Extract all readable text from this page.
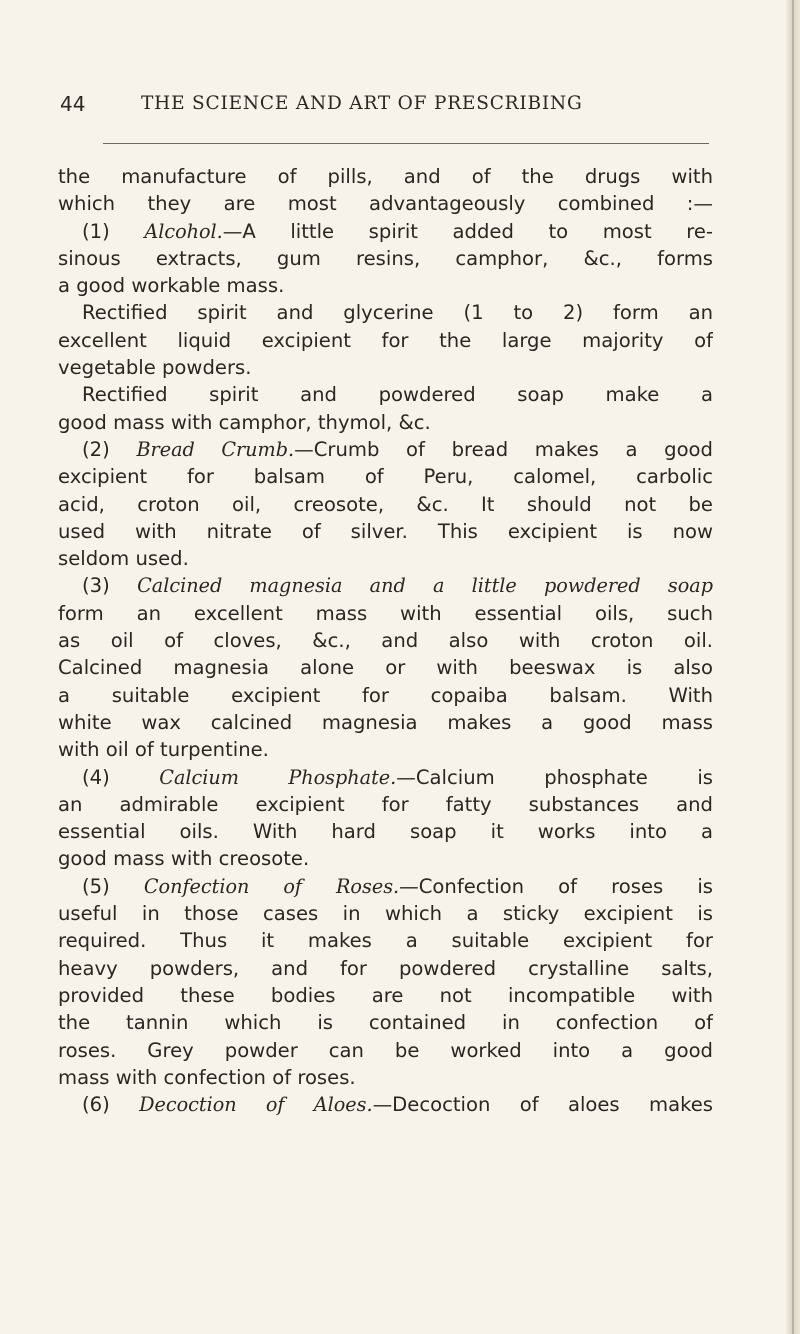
44	THE SCIENCE AND ART OF PRESCRIBING
the manufacture of pills, and of the drugs with
which they are most advantageously combined :—
(1) Alcohol.—A little spirit added to most re-
sinous extracts, gum resins, camphor, &c., forms
a good workable mass.
Rectified spirit and glycerine (1 to 2) form an
excellent liquid excipient for the large majority of
vegetable powders.
Rectified spirit and powdered soap make a
good mass with camphor, thymol, &c.
(2) Bread Crumb.—Crumb of bread makes a good
excipient for balsam of Peru, calomel, carbolic
acid, croton oil, creosote, &c. It should not be
used with nitrate of silver. This excipient is now
seldom used.
(3) Calcined magnesia and a little powdered soap
form an excellent mass with essential oils, such
as oil of cloves, &c., and also with croton oil.
Calcined magnesia alone or with beeswax is also
a suitable excipient for copaiba balsam. With
white wax calcined magnesia makes a good mass
with oil of turpentine.
(4)	Calcium Phosphate.—Calcium phosphate is
an admirable excipient for fatty substances and
essential oils. With hard soap it works into a
good mass with creosote.
(5) Confection of Roses.—Confection of roses is
useful in those cases in which a sticky excipient is
required. Thus it makes a suitable excipient for
heavy powders, and for powdered crystalline salts,
provided these bodies are not incompatible with
the tannin which is contained in confection of
roses. Grey powder can be worked into a good
mass with confection of roses.
(6) Decoction of Aloes.—Decoction of aloes makes
